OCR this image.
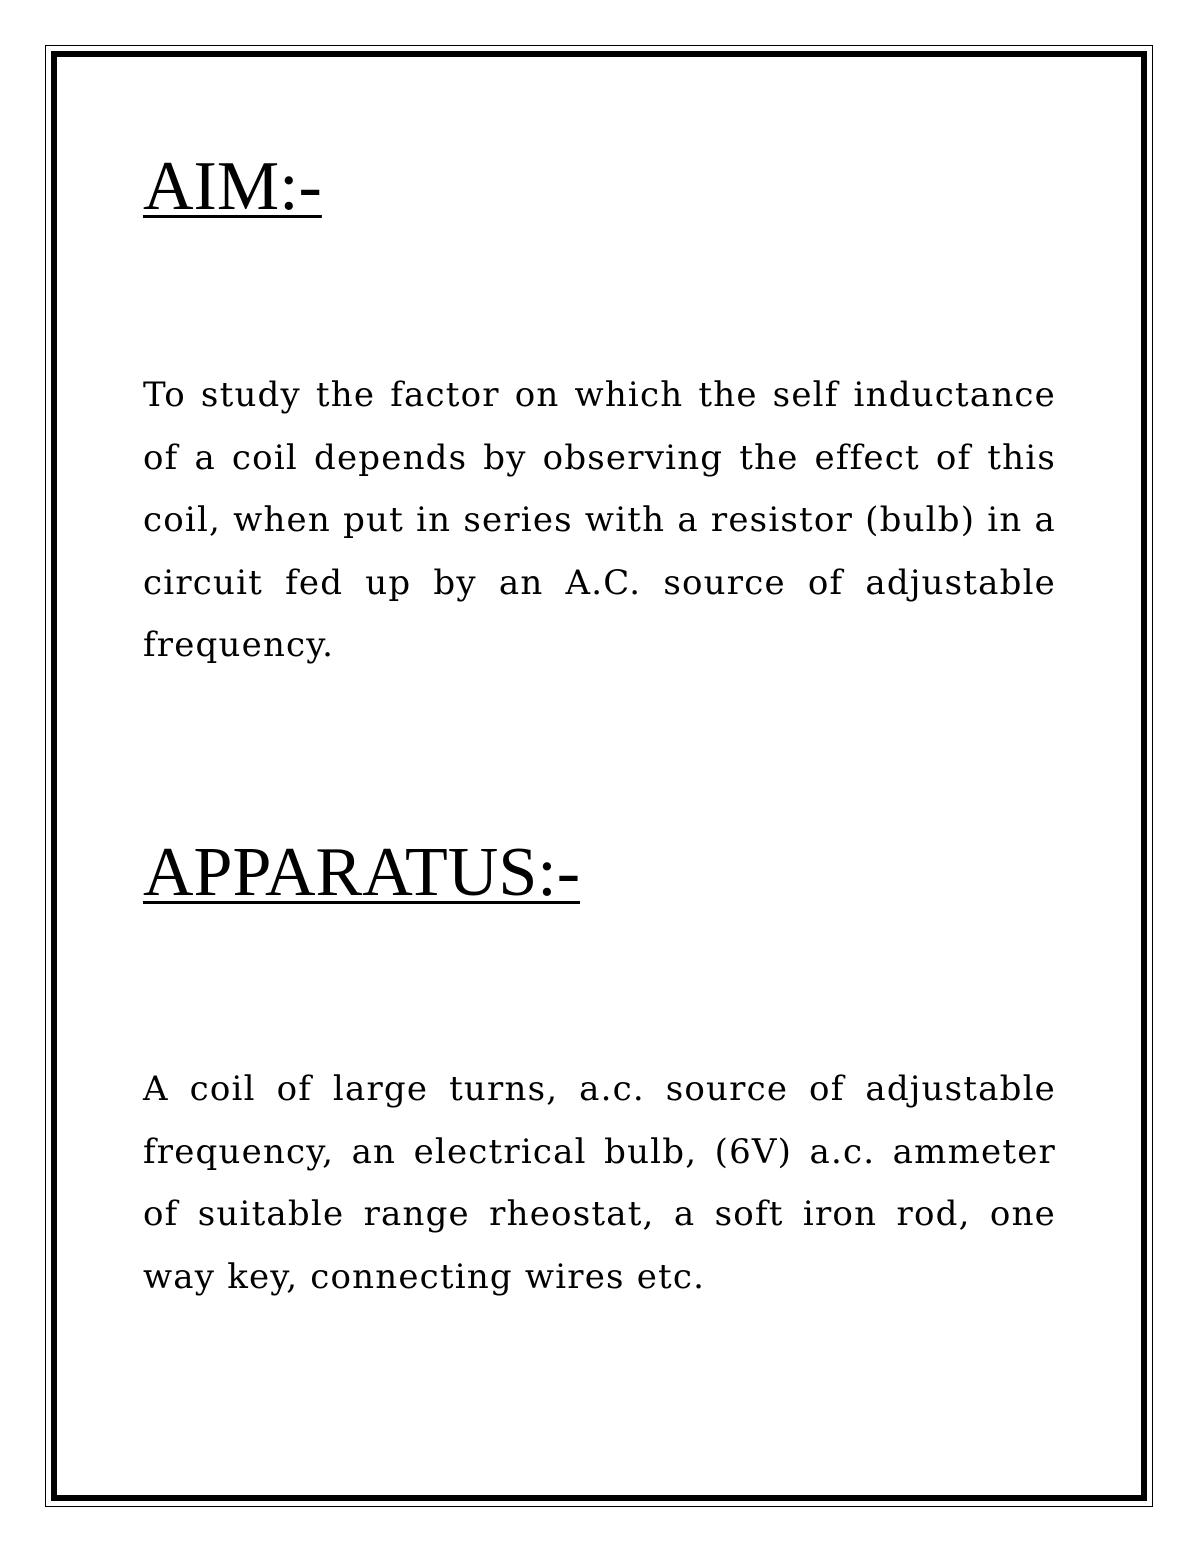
AIM:-

To study the factor on which the self inductance of a coil depends by observing the effect of this coil, when put in series with a resistor (bulb) in a circuit fed up by an A.C. source of adjustable frequency.

APPARATUS:-

A coil of large turns, a.c. source of adjustable frequency, an electrical bulb, (6V) a.c. ammeter of suitable range rheostat, a soft iron rod, one way key, connecting wires etc.
